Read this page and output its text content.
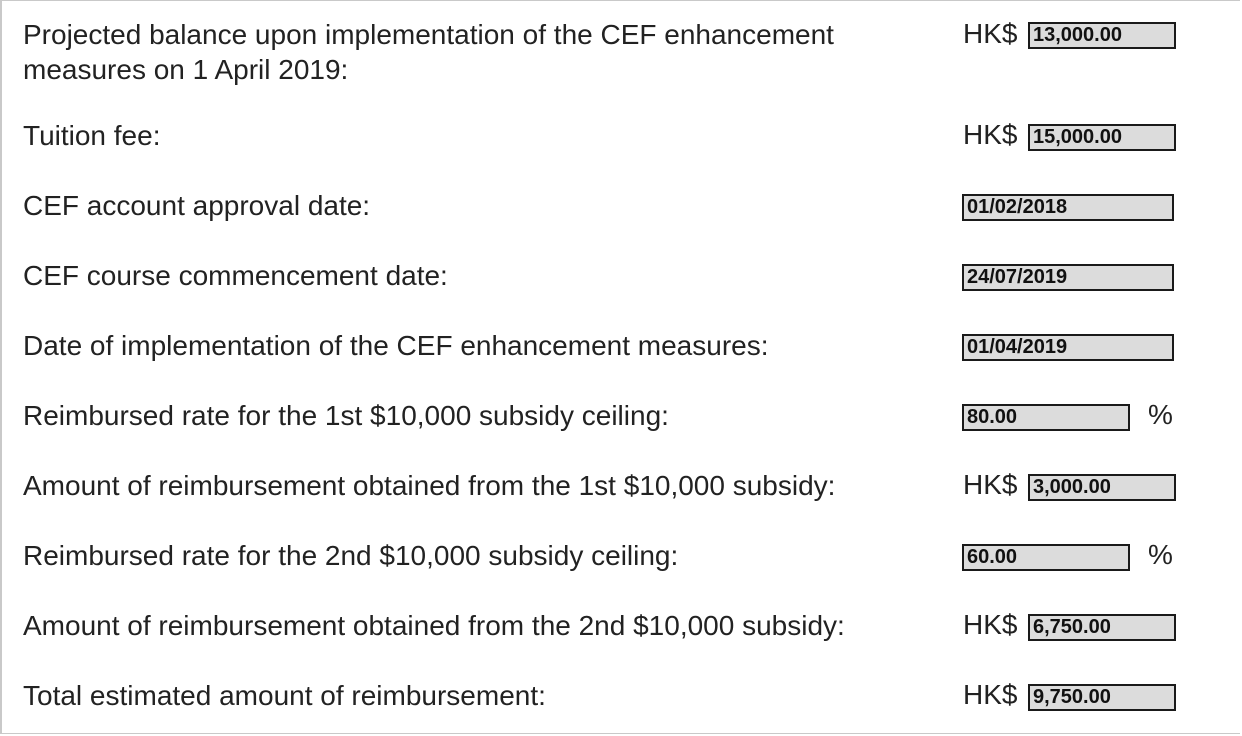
Projected balance upon implementation of the CEF enhancement
measures on 1 April 2019:
HK$ 13,000.00
Tuition fee:	HK$ 15,000.00
CEF account approval date:	01/02/2018
CEF course commencement date:	24/07/2019
Date of implementation of the CEF enhancement measures:	01/04/2019
Reimbursed rate for the 1st $10,000 subsidy ceiling:	80.00	%
Amount of reimbursement obtained from the 1st $10,000 subsidy:	HK$ 3,000.00
Reimbursed rate for the 2nd $10,000 subsidy ceiling:	60.00	%
Amount of reimbursement obtained from the 2nd $10,000 subsidy:	HK$ 6,750.00
Total estimated amount of reimbursement:	HK$ 9,750.00
